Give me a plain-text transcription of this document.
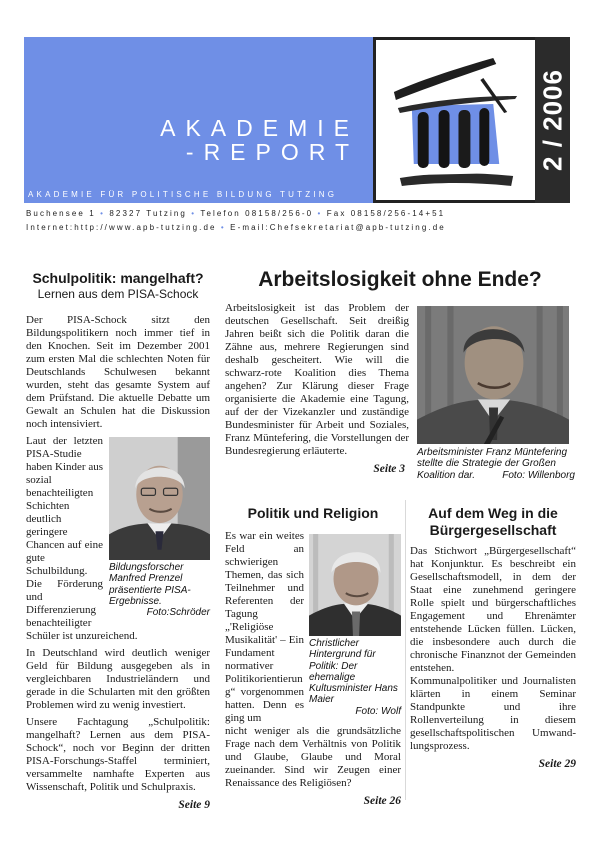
AKADEMIE
-REPORT
AKADEMIE FÜR POLITISCHE BILDUNG TUTZING
2 / 2006
Buchensee 1 • 82327 Tutzing • Telefon 08158/256-0 • Fax 08158/256-14+51
Internet:http://www.apb-tutzing.de • E-mail:Chefsekretariat@apb-tutzing.de
Schulpolitik: mangelhaft?
Lernen aus dem PISA-Schock

Der PISA-Schock sitzt den Bildungspolitikern noch immer tief in den Knochen. Seit im Dezember 2001 zum ersten Mal die schlechten Noten für Deutschlands Schulwesen bekannt wurden, steht das gesamte System auf dem Prüfstand. Die aktuelle Debatte um Gewalt an Schulen hat die Diskussion noch intensiviert.

Bildungsforscher Manfred Prenzel präsentierte PISA-Ergebnisse.
Foto:Schröder

Laut der letzten PISA-Studie haben Kinder aus sozial benachteiligten Schichten deutlich geringere Chancen auf eine gute Schulbildung. Die Förderung und Differenzierung benachteiligter Schüler ist unzureichend.

In Deutschland wird deutlich weniger Geld für Bildung ausgegeben als in vergleichbaren Industrieländern und gerade in die Schularten mit den größten Problemen wird zu wenig investiert.

Unsere Fachtagung „Schulpolitik: mangelhaft? Lernen aus dem PISA-Schock“, noch vor Beginn der dritten PISA-Forschungs-Staffel terminiert, versammelte namhafte Experten aus Wissenschaft, Politik und Schulpraxis.

Seite 9
Arbeitslosigkeit ohne Ende?
Arbeitsminister Franz Müntefering stellte die Strategie der Großen Koalition dar.	Foto: Willenborg

Arbeitslosigkeit ist das Problem der deutschen Gesellschaft. Seit dreißig Jahren beißt sich die Politik daran die Zähne aus, mehrere Regierungen sind deshalb gescheitert. Wie will die schwarz-rote Koalition dies Thema angehen? Zur Klärung dieser Frage organisierte die Akademie eine Tagung, auf der der Vizekanzler und zuständige Bundesminister für Arbeit und Soziales, Franz Müntefering, die Vorstellungen der Bundesregierung erläuterte.

Seite 3
Politik und Religion
Christlicher Hintergrund für Politik: Der ehemalige Kultusminister Hans Maier
Foto: Wolf

Es war ein weites Feld an schwierigen Themen, das sich Teilnehmer und Referenten der Tagung „'Religiöse Musikalität' – Ein Fundament normativer Politikorientierung“ vorgenommen hatten. Denn es ging um

nicht weniger als die grundsätzliche Frage nach dem Verhältnis von Politik und Glaube, Glaube und Moral zueinander. Sind wir Zeugen einer Renaissance des Religiösen?

Seite 26
Auf dem Weg in die
Bürgergesellschaft

Das Stichwort „Bürgergesellschaft“ hat Konjunktur. Es beschreibt ein Gesellschaftsmodell, in dem der Staat eine zunehmend geringere Rolle spielt und bürgerschaftliches Engagement und Ehrenämter entstehende Lücken füllen. Lücken, die insbesondere auch durch die chronische Finanznot der Gemeinden entstehen.

Kommunalpolitiker und Journalisten klärten in einem Seminar Standpunkte und ihre Rollenverteilung in diesem gesellschaftspolitischen Umwand-lungsprozess.

Seite 29
